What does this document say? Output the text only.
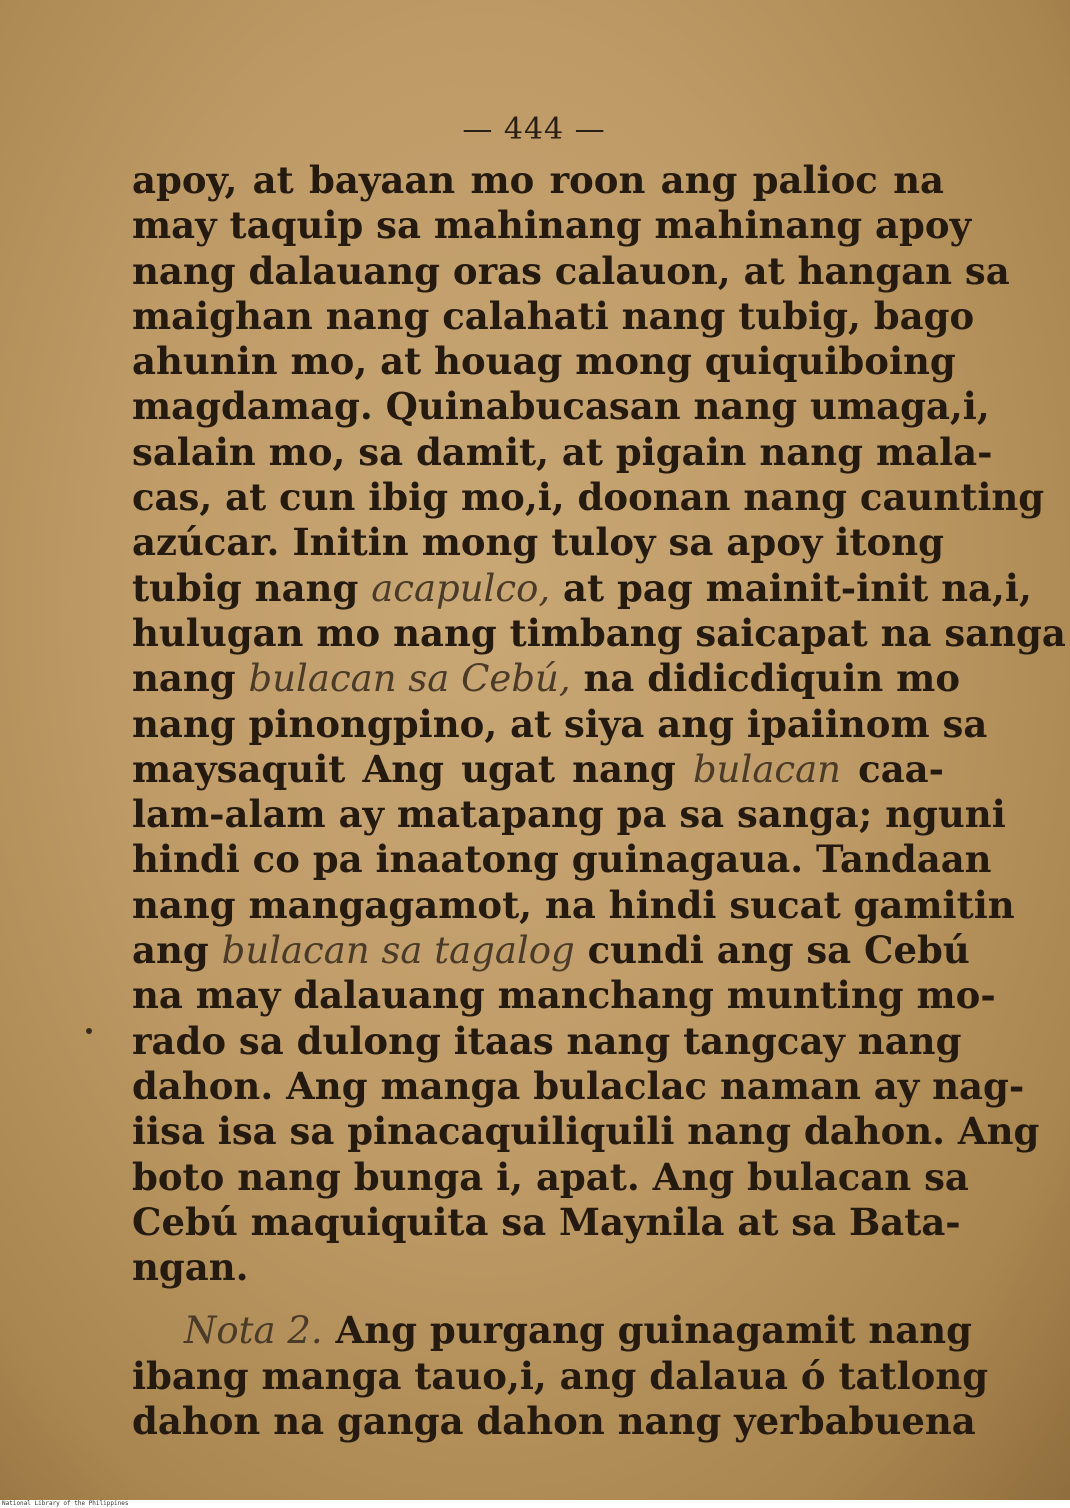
— 444 —
apoy, at bayaan mo roon ang palioc na
may taquip sa mahinang mahinang apoy
nang dalauang oras calauon, at hangan sa
maighan nang calahati nang tubig, bago
ahunin mo, at houag mong quiquiboing
magdamag. Quinabucasan nang umaga,i,
salain mo, sa damit, at pigain nang mala-
cas, at cun ibig mo,i, doonan nang caunting
azúcar. Initin mong tuloy sa apoy itong
tubig nang acapulco, at pag mainit-init na,i,
hulugan mo nang timbang saicapat na sanga
nang bulacan sa Cebú, na didicdiquin mo
nang pinongpino, at siya ang ipaiinom sa
maysaquit Ang ugat nang bulacan caa-
lam-alam ay matapang pa sa sanga; nguni
hindi co pa inaatong guinagaua. Tandaan
nang mangagamot, na hindi sucat gamitin
ang bulacan sa tagalog cundi ang sa Cebú
na may dalauang manchang munting mo-
rado sa dulong itaas nang tangcay nang
dahon. Ang manga bulaclac naman ay nag-
iisa isa sa pinacaquiliquili nang dahon. Ang
boto nang bunga i, apat. Ang bulacan sa
Cebú maquiquita sa Maynila at sa Bata-
ngan.
Nota 2. Ang purgang guinagamit nang
ibang manga tauo,i, ang dalaua ó tatlong
dahon na ganga dahon nang yerbabuena
National Library of the Philippines
